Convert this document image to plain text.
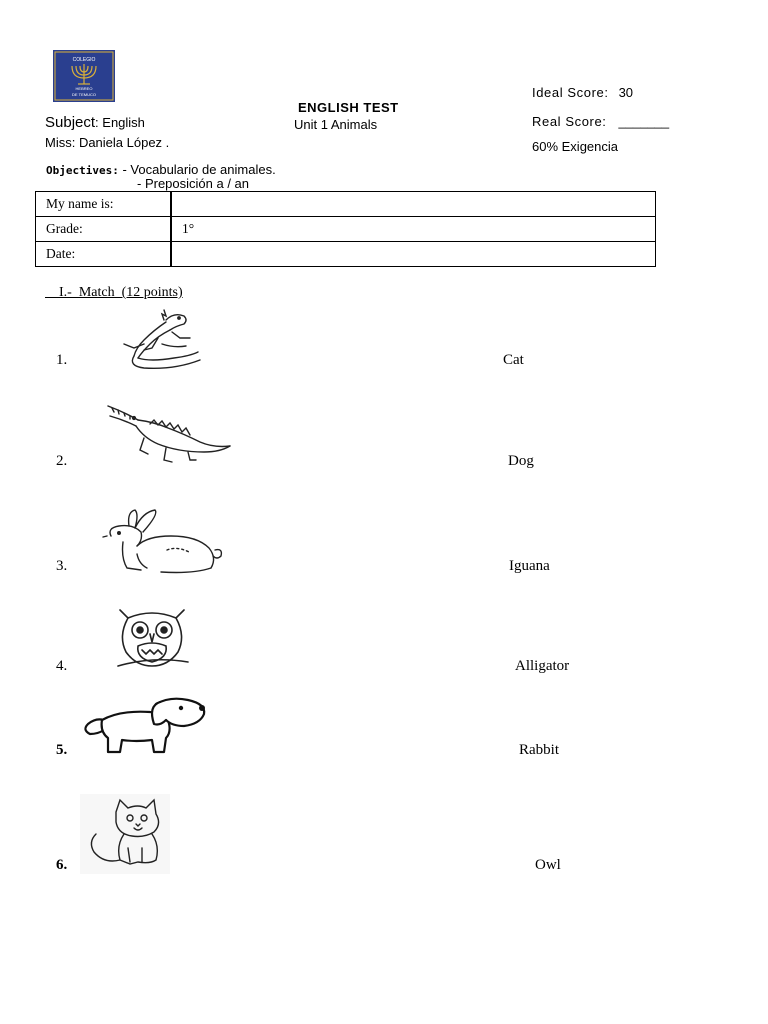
COLEGIO
HEBREO
DE TEMUCO
ENGLISH TEST
Unit 1 Animals
Subject: English
Miss: Daniela López .
Ideal Score: 30
Real Score: _______
60% Exigencia
Objectives: - Vocabulario de animales.
- Preposición a / an
My name is:	
Grade:	1°
Date:	
I.-  Match  (12 points)
1.	Cat
2.	Dog
3.	Iguana
4.	Alligator
5.	Rabbit
6.	Owl
